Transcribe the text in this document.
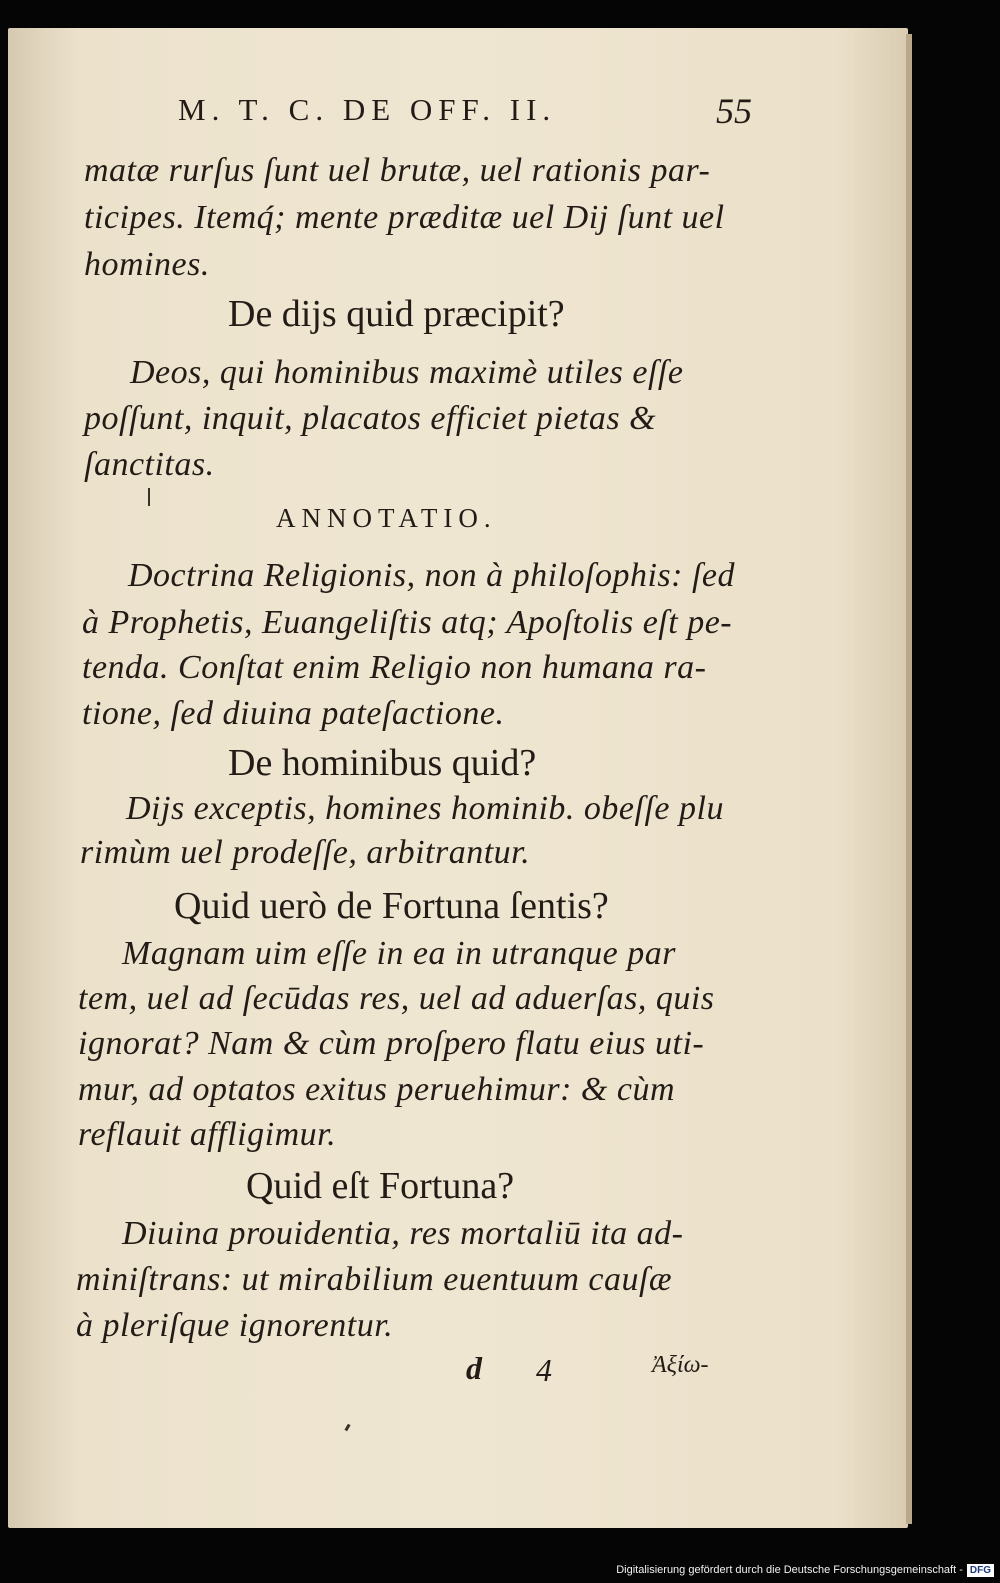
M. T. C. DE OFF. II.	55
matæ rurſus ſunt uel brutæ, uel rationis par-
ticipes. Itemq́; mente præditæ uel Dij ſunt uel
homines.
De dijs quid præcipit?
Deos, qui hominibus maximè utiles eſſe
poſſunt, inquit, placatos efficiet pietas &
ſanctitas.
ANNOTATIO.
Doctrina Religionis, non à philoſophis: ſed
à Prophetis, Euangeliſtis atq; Apoſtolis eſt pe-
tenda. Conſtat enim Religio non humana ra-
tione, ſed diuina pateſactione.
De hominibus quid?
Dijs exceptis, homines hominib. obeſſe plu
rimùm uel prodeſſe, arbitrantur.
Quid uerò de Fortuna ſentis?
Magnam uim eſſe in ea in utranque par
tem, uel ad ſecūdas res, uel ad aduerſas, quis
ignorat? Nam & cùm proſpero flatu eius uti-
mur, ad optatos exitus peruehimur: & cùm
reflauit affligimur.
Quid eſt Fortuna?
Diuina prouidentia, res mortaliū ita ad-
miniſtrans: ut mirabilium euentuum cauſæ
à pleriſque ignorentur.
d 4	Ἀξίω-
Digitalisierung gefördert durch die Deutsche Forschungsgemeinschaft - DFG
